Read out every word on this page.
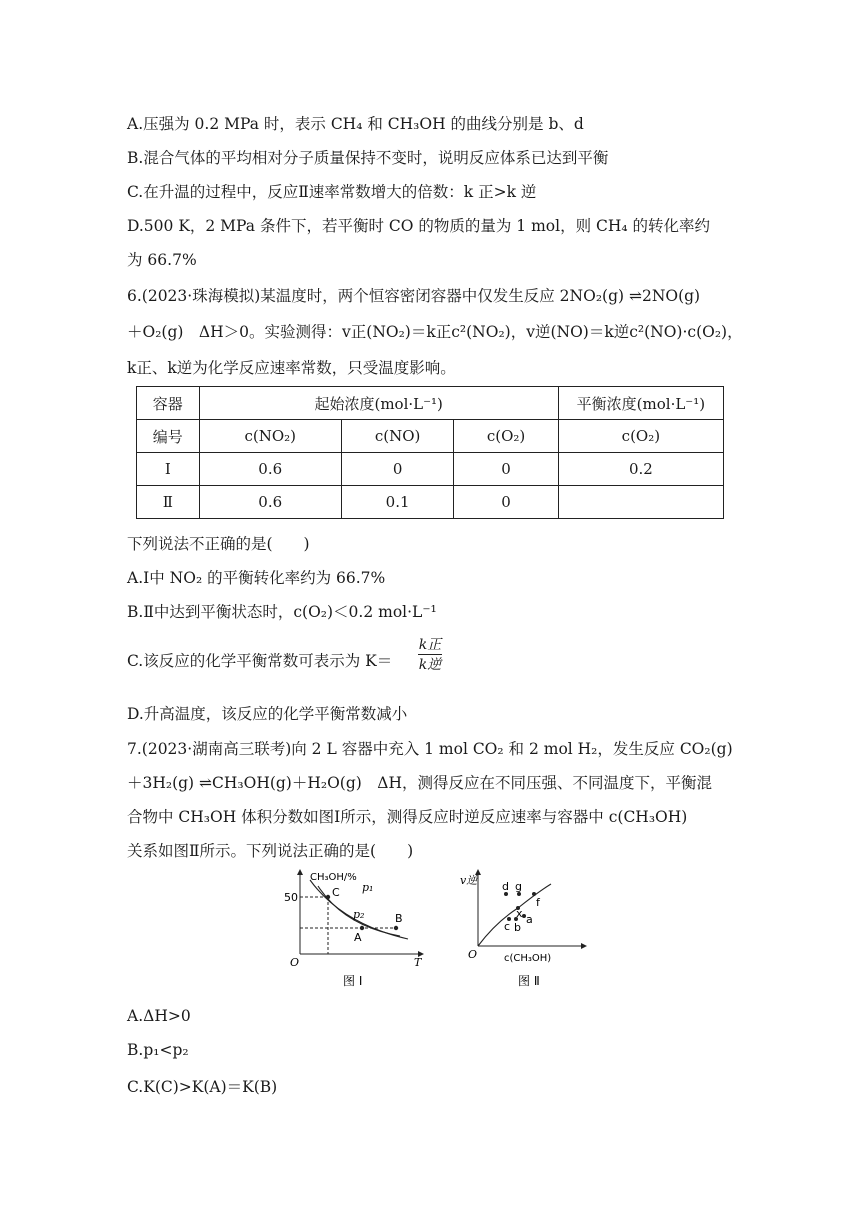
A.压强为 0.2 MPa 时，表示 CH₄ 和 CH₃OH 的曲线分别是 b、d
B.混合气体的平均相对分子质量保持不变时，说明反应体系已达到平衡
C.在升温的过程中，反应Ⅱ速率常数增大的倍数：k 正>k 逆
D.500 K，2 MPa 条件下，若平衡时 CO 的物质的量为 1 mol，则 CH₄ 的转化率约
为 66.7%
6.(2023·珠海模拟)某温度时，两个恒容密闭容器中仅发生反应 2NO₂(g) ⇌2NO(g)
＋O₂(g)　ΔH＞0。实验测得：v正(NO₂)＝k正c²(NO₂)，v逆(NO)＝k逆c²(NO)·c(O₂)，
k正、k逆为化学反应速率常数，只受温度影响。
容器	起始浓度(mol·L⁻¹)			平衡浓度(mol·L⁻¹)
编号	c(NO₂)	c(NO)	c(O₂)	c(O₂)
Ⅰ	0.6	0	0	0.2
Ⅱ	0.6	0.1	0	
下列说法不正确的是(　　)
A.Ⅰ中 NO₂ 的平衡转化率约为 66.7%
B.Ⅱ中达到平衡状态时，c(O₂)＜0.2 mol·L⁻¹
C.该反应的化学平衡常数可表示为 K＝
k正
k逆
D.升高温度，该反应的化学平衡常数减小
7.(2023·湖南高三联考)向 2 L 容器中充入 1 mol CO₂ 和 2 mol H₂，发生反应 CO₂(g)
＋3H₂(g) ⇌CH₃OH(g)＋H₂O(g)　ΔH，测得反应在不同压强、不同温度下，平衡混
合物中 CH₃OH 体积分数如图Ⅰ所示，测得反应时逆反应速率与容器中 c(CH₃OH)
关系如图Ⅱ所示。下列说法正确的是(　　)
CH₃OH/%
50	C p₁
p₂
A
B
O	T
图 Ⅰ
v逆 d g
f
x a
b
c
O	c(CH₃OH)
图 Ⅱ
A.ΔH>0
B.p₁<p₂
C.K(C)>K(A)＝K(B)
